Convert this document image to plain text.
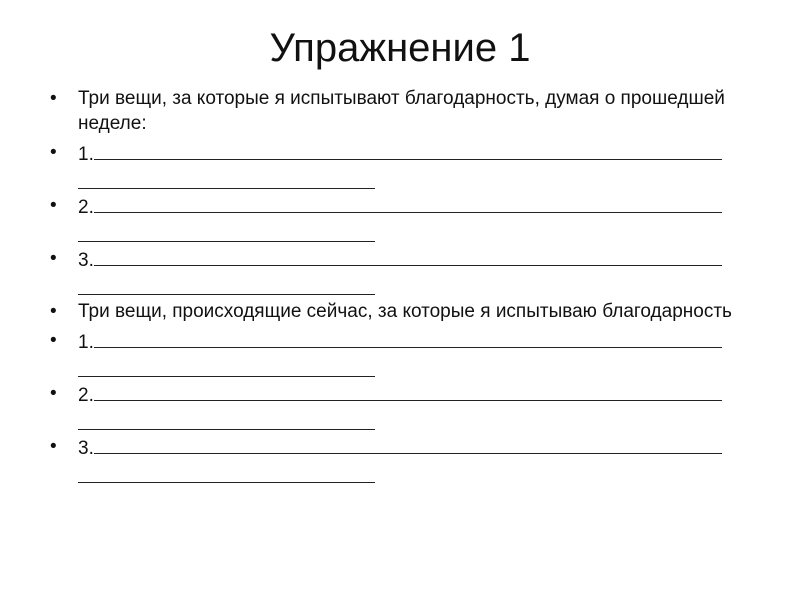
Упражнение 1
•	Три вещи, за которые я испытывают благодарность, думая о прошедшей неделе:
•	1.
•	2.
•	3.
•	Три вещи, происходящие сейчас, за которые я испытываю благодарность
•	1.
•	2.
•	3.
